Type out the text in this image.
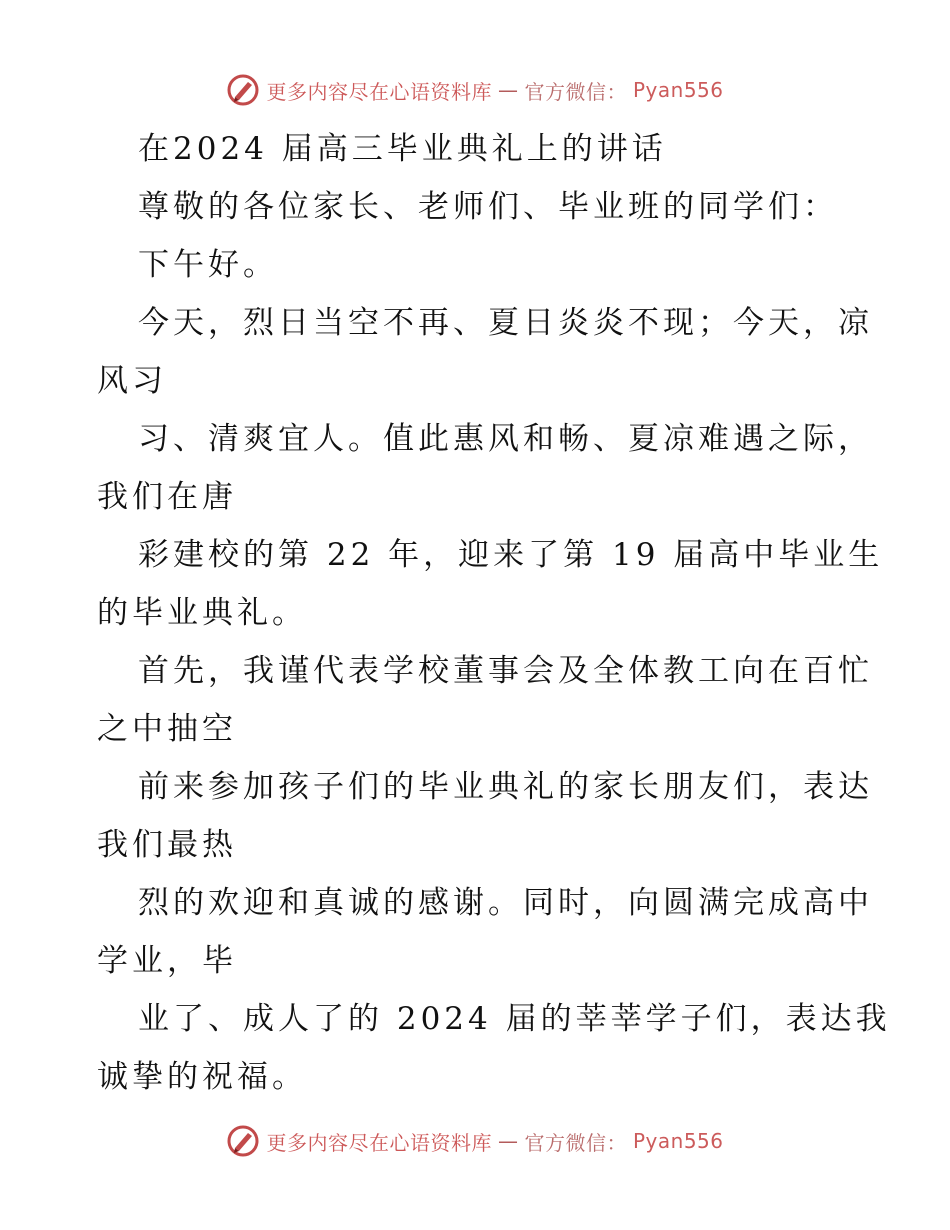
更多内容尽在心语资料库 — 官方微信： Pyan556

在2024 届高三毕业典礼上的讲话

尊敬的各位家长、老师们、毕业班的同学们：

下午好。

今天，烈日当空不再、夏日炎炎不现；今天，凉

风习

习、清爽宜人。值此惠风和畅、夏凉难遇之际，

我们在唐

彩建校的第 22 年，迎来了第 19 届高中毕业生

的毕业典礼。

首先，我谨代表学校董事会及全体教工向在百忙

之中抽空

前来参加孩子们的毕业典礼的家长朋友们，表达

我们最热

烈的欢迎和真诚的感谢。同时，向圆满完成高中

学业，毕

业了、成人了的 2024 届的莘莘学子们，表达我

诚挚的祝福。

更多内容尽在心语资料库 — 官方微信： Pyan556
